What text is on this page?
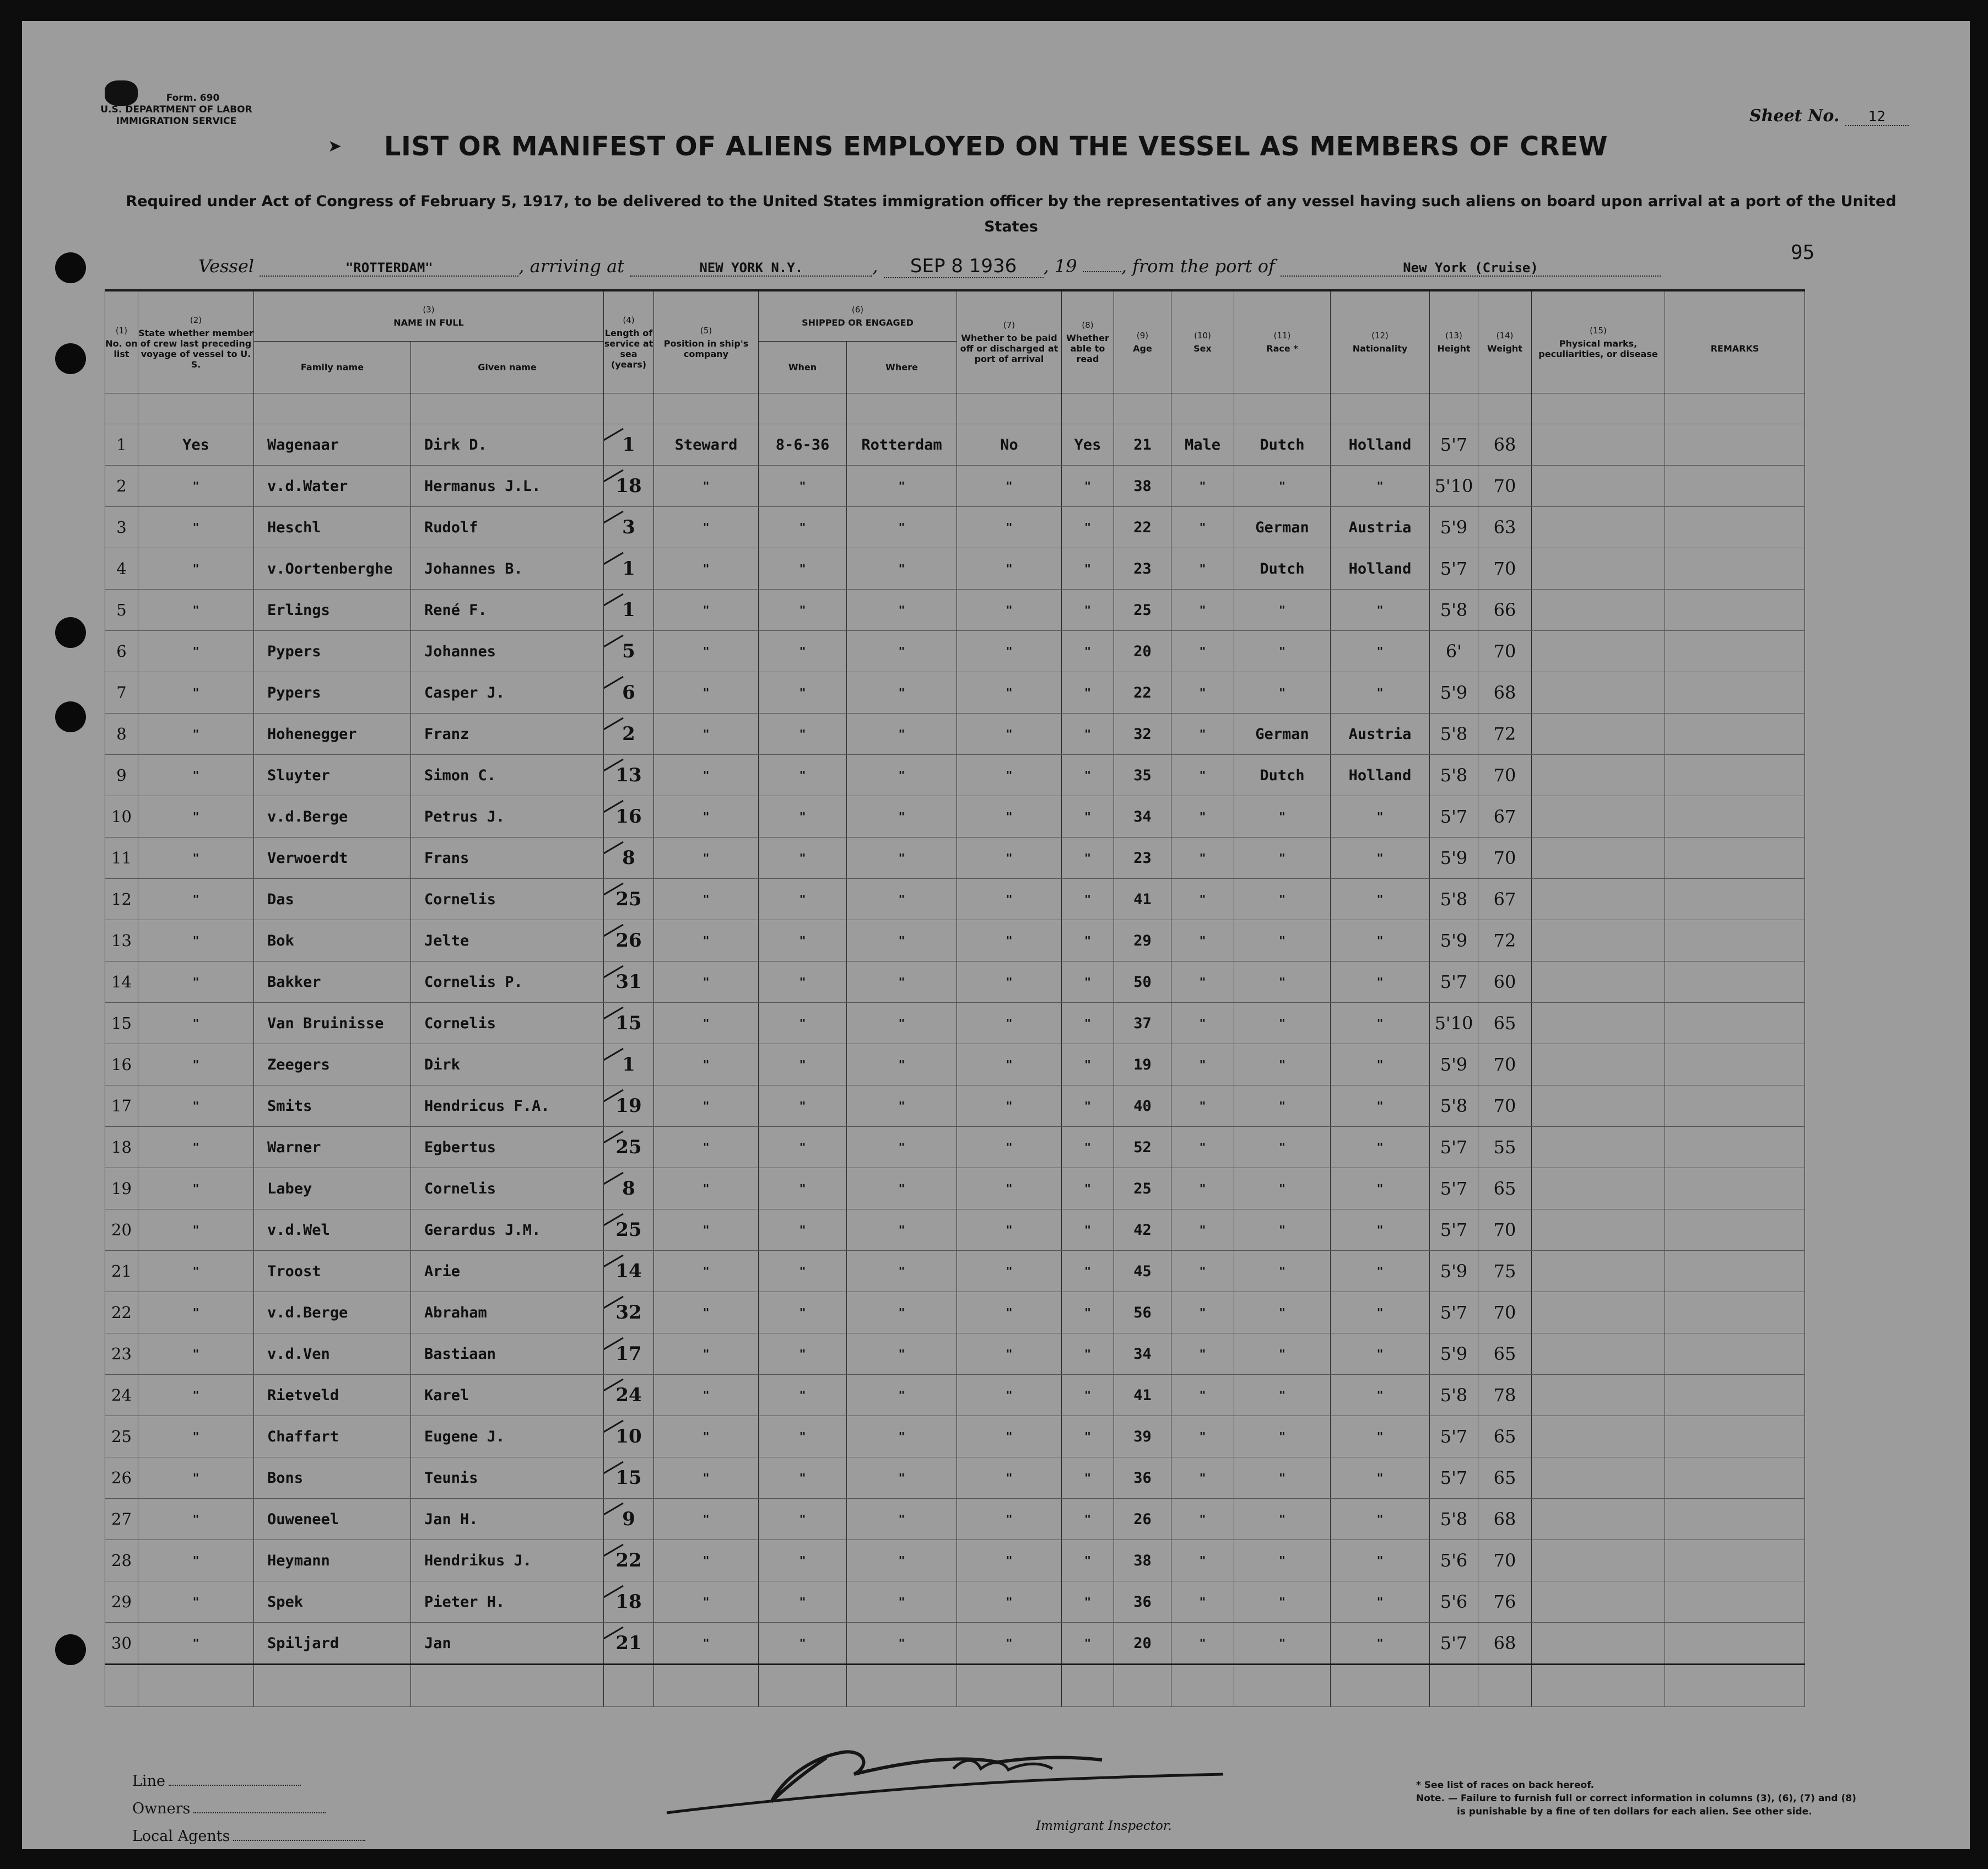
Form. 690
U.S. DEPARTMENT OF LABOR
IMMIGRATION SERVICE
➤	LIST OR MANIFEST OF ALIENS EMPLOYED ON THE VESSEL AS MEMBERS OF CREW
Sheet No. 12
Required under Act of Congress of February 5, 1917, to be delivered to the United States immigration officer by the representatives of any vessel having such aliens on board upon arrival at a port of the United States
Vessel	"ROTTERDAM"	, arriving at	NEW YORK N.Y.	, SEP 8 1936 , 19	, from the port of	New York (Cruise)
95
(1)
No. on list	(2)
State whether member of crew last preceding voyage of vessel to U. S.	(3)
NAME IN FULL		(4)
Length of service at sea (years)	(5)
Position in ship's company	(6)
SHIPPED OR ENGAGED		(7)
Whether to be paid off or discharged at port of arrival	(8)
Whether able to read	(9)
Age	(10)
Sex	(11)
Race *	(12)
Nationality	(13)
Height	(14)
Weight	(15)
Physical marks, peculiarities, or disease	REMARKS
		Family name	Given name			When	Where										

1	Yes	Wagenaar	Dirk D.	1	Steward	8-6-36	Rotterdam	No	Yes	21	Male	Dutch	Holland	5'7	68		
2	"	v.d.Water	Hermanus J.L.	18	"	"	"	"	"	38	"	"	"	5'10	70		
3	"	Heschl	Rudolf	3	"	"	"	"	"	22	"	German	Austria	5'9	63		
4	"	v.Oortenberghe	Johannes B.	1	"	"	"	"	"	23	"	Dutch	Holland	5'7	70		
5	"	Erlings	René F.	1	"	"	"	"	"	25	"	"	"	5'8	66		
6	"	Pypers	Johannes	5	"	"	"	"	"	20	"	"	"	6'	70		
7	"	Pypers	Casper J.	6	"	"	"	"	"	22	"	"	"	5'9	68		
8	"	Hohenegger	Franz	2	"	"	"	"	"	32	"	German	Austria	5'8	72		
9	"	Sluyter	Simon C.	13	"	"	"	"	"	35	"	Dutch	Holland	5'8	70		
10	"	v.d.Berge	Petrus J.	16	"	"	"	"	"	34	"	"	"	5'7	67		
11	"	Verwoerdt	Frans	8	"	"	"	"	"	23	"	"	"	5'9	70		
12	"	Das	Cornelis	25	"	"	"	"	"	41	"	"	"	5'8	67		
13	"	Bok	Jelte	26	"	"	"	"	"	29	"	"	"	5'9	72		
14	"	Bakker	Cornelis P.	31	"	"	"	"	"	50	"	"	"	5'7	60		
15	"	Van Bruinisse	Cornelis	15	"	"	"	"	"	37	"	"	"	5'10	65		
16	"	Zeegers	Dirk	1	"	"	"	"	"	19	"	"	"	5'9	70		
17	"	Smits	Hendricus F.A.	19	"	"	"	"	"	40	"	"	"	5'8	70		
18	"	Warner	Egbertus	25	"	"	"	"	"	52	"	"	"	5'7	55		
19	"	Labey	Cornelis	8	"	"	"	"	"	25	"	"	"	5'7	65		
20	"	v.d.Wel	Gerardus J.M.	25	"	"	"	"	"	42	"	"	"	5'7	70		
21	"	Troost	Arie	14	"	"	"	"	"	45	"	"	"	5'9	75		
22	"	v.d.Berge	Abraham	32	"	"	"	"	"	56	"	"	"	5'7	70		
23	"	v.d.Ven	Bastiaan	17	"	"	"	"	"	34	"	"	"	5'9	65		
24	"	Rietveld	Karel	24	"	"	"	"	"	41	"	"	"	5'8	78		
25	"	Chaffart	Eugene J.	10	"	"	"	"	"	39	"	"	"	5'7	65		
26	"	Bons	Teunis	15	"	"	"	"	"	36	"	"	"	5'7	65		
27	"	Ouweneel	Jan H.	9	"	"	"	"	"	26	"	"	"	5'8	68		
28	"	Heymann	Hendrikus J.	22	"	"	"	"	"	38	"	"	"	5'6	70		
29	"	Spek	Pieter H.	18	"	"	"	"	"	36	"	"	"	5'6	76		
30	"	Spiljard	Jan	21	"	"	"	"	"	20	"	"	"	5'7	68		

Line
Owners
Local Agents
Immigrant Inspector.
* See list of races on back hereof.
Note. — Failure to furnish full or correct information in columns (3), (6), (7) and (8)
is punishable by a fine of ten dollars for each alien. See other side.
